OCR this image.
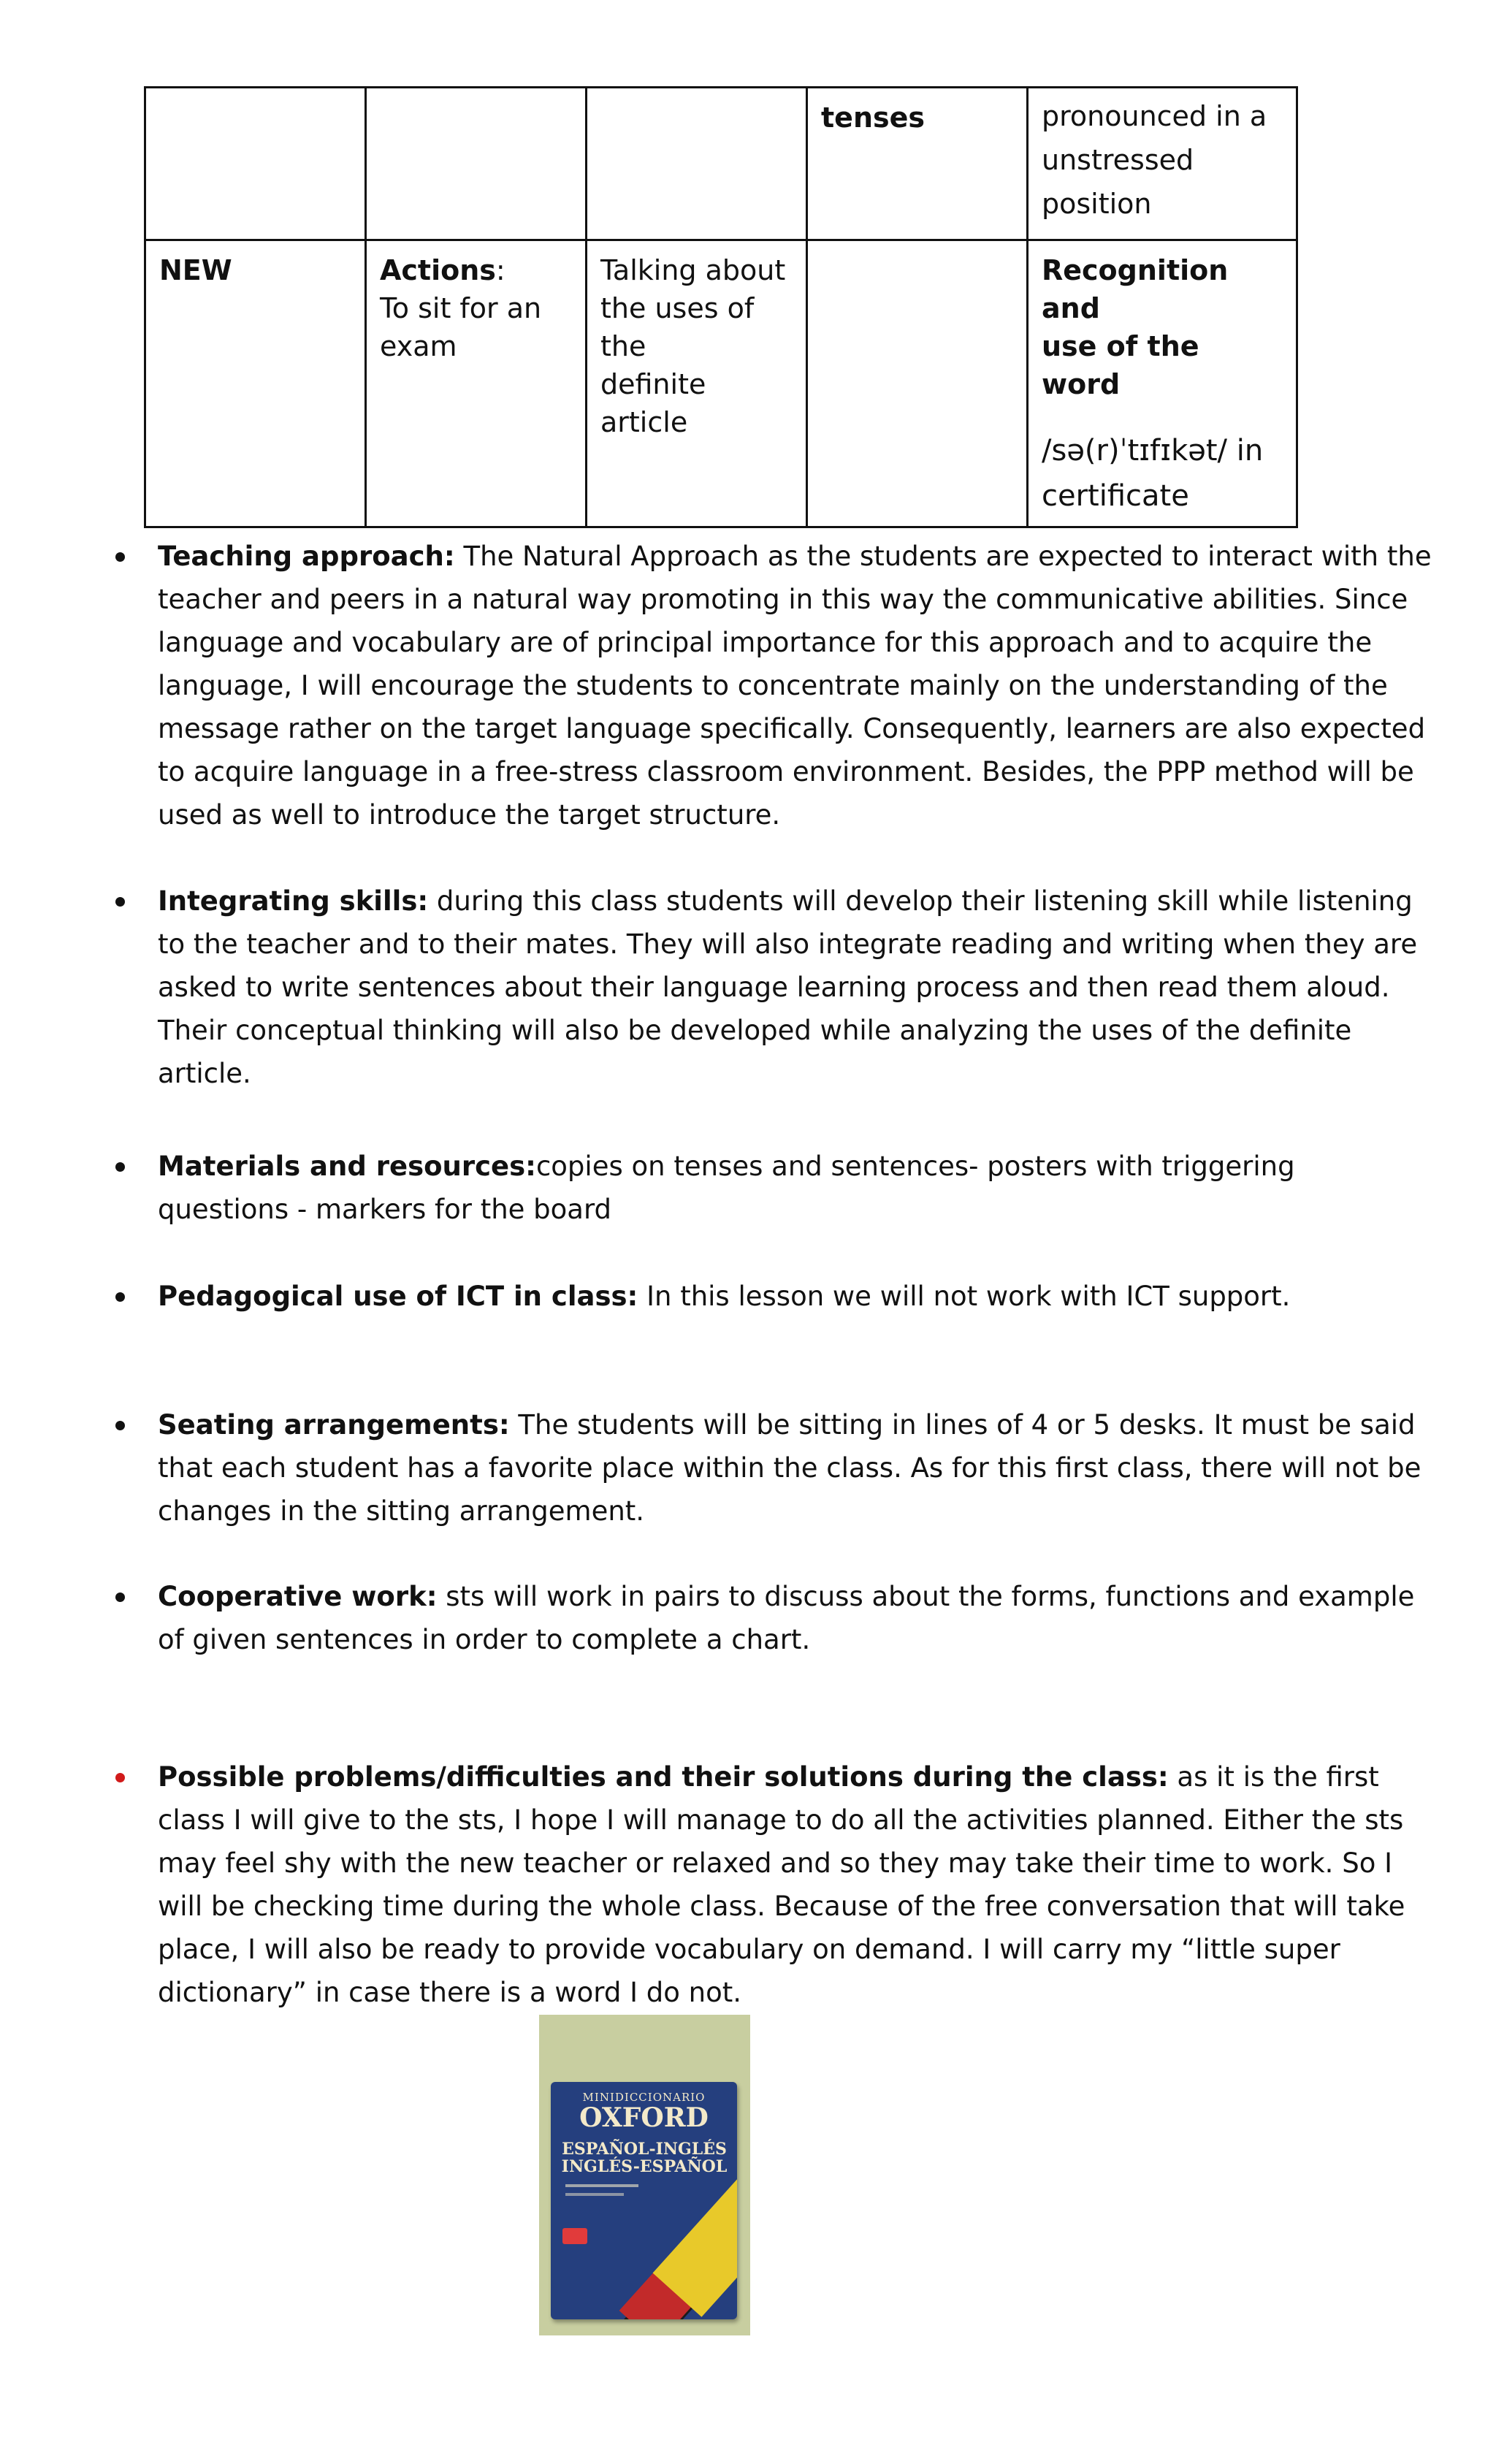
			tenses	pronounced in a
unstressed position

NEW	Actions:
To sit for an
exam	Talking about
the uses of the
definite article		Recognition and
use of the word
/sə(r)ˈtɪfɪkət/ in
certificate
Teaching approach: The Natural Approach as the students are expected to interact with the teacher and peers in a natural way promoting in this way the communicative abilities. Since language and vocabulary are of principal importance for this approach and to acquire the language, I will encourage the students to concentrate mainly on the understanding of the message rather on the target language specifically. Consequently, learners are also expected to acquire language in a free-stress classroom environment. Besides, the PPP method will be used as well to introduce the target structure.
Integrating skills: during this class students will develop their listening skill while listening to the teacher and to their mates. They will also integrate reading and writing when they are asked to write sentences about their language learning process and then read them aloud. Their conceptual thinking will also be developed while analyzing the uses of the definite article.
Materials and resources:copies on tenses and sentences- posters with triggering questions - markers for the board
Pedagogical use of ICT in class: In this lesson we will not work with ICT support.
Seating arrangements: The students will be sitting in lines of 4 or 5 desks. It must be said that each student has a favorite place within the class. As for this first class, there will not be changes in the sitting arrangement.
Cooperative work: sts will work in pairs to discuss about the forms, functions and example of given sentences in order to complete a chart.
Possible problems/difficulties and their solutions during the class: as it is the first class I will give to the sts, I hope I will manage to do all the activities planned. Either the sts may feel shy with the new teacher or relaxed and so they may take their time to work. So I will be checking time during the whole class. Because of the free conversation that will take place, I will also be ready to provide vocabulary on demand. I will carry my “little super dictionary” in case there is a word I do not.
MINIDICCIONARIO
OXFORD
ESPAÑOL-INGLÉS
INGLÉS-ESPAÑOL
